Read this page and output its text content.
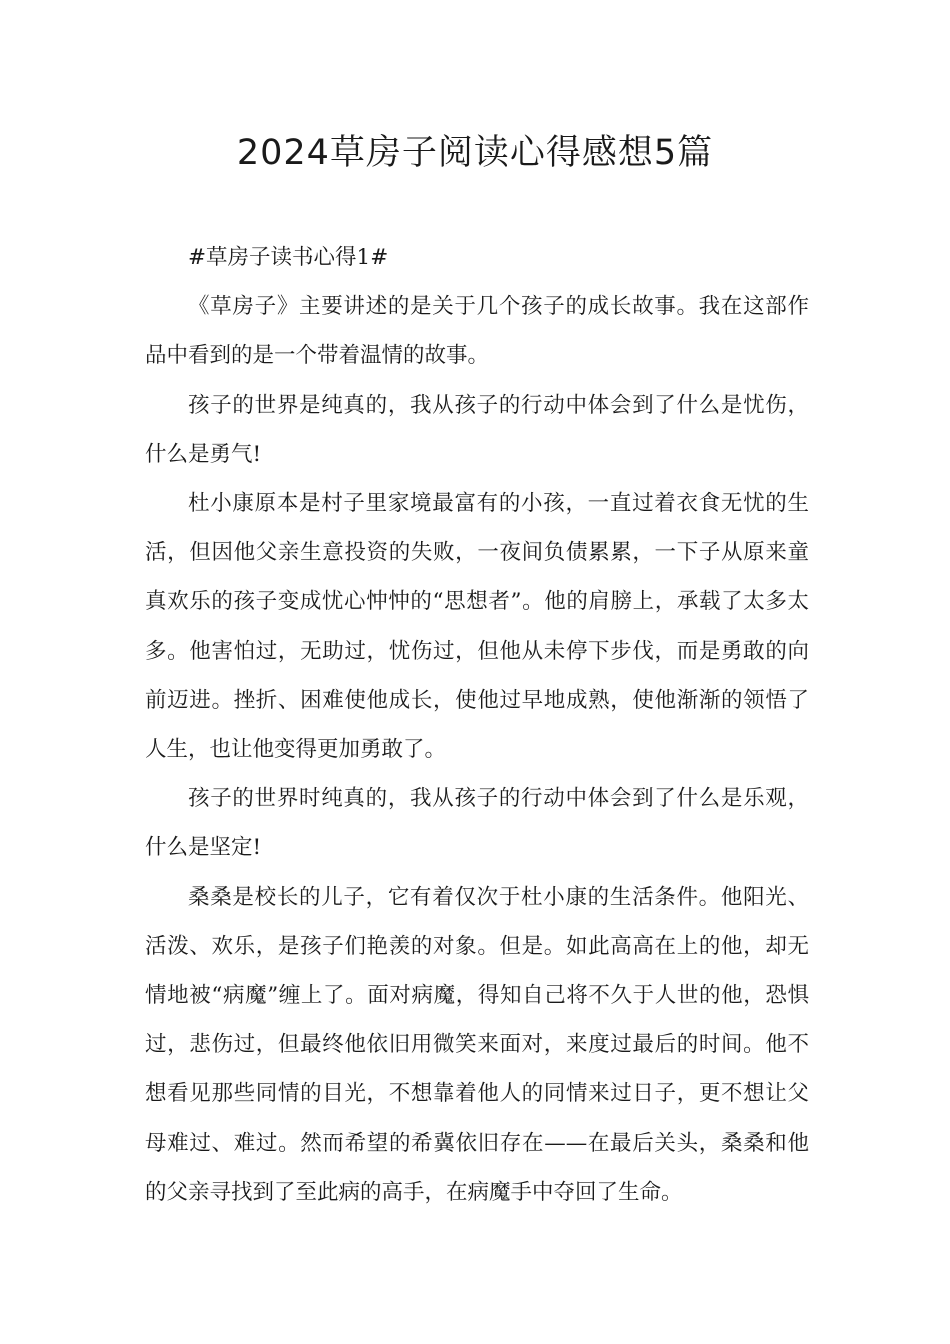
2024草房子阅读心得感想5篇

#草房子读书心得1#

《草房子》主要讲述的是关于几个孩子的成长故事。我在这部作品中看到的是一个带着温情的故事。

孩子的世界是纯真的，我从孩子的行动中体会到了什么是忧伤，什么是勇气!

杜小康原本是村子里家境最富有的小孩，一直过着衣食无忧的生活，但因他父亲生意投资的失败，一夜间负债累累，一下子从原来童真欢乐的孩子变成忧心忡忡的“思想者”。他的肩膀上，承载了太多太多。他害怕过，无助过，忧伤过，但他从未停下步伐，而是勇敢的向前迈进。挫折、困难使他成长，使他过早地成熟，使他渐渐的领悟了人生，也让他变得更加勇敢了。

孩子的世界时纯真的，我从孩子的行动中体会到了什么是乐观，什么是坚定!

桑桑是校长的儿子，它有着仅次于杜小康的生活条件。他阳光、活泼、欢乐，是孩子们艳羡的对象。但是。如此高高在上的他，却无情地被“病魔”缠上了。面对病魔，得知自己将不久于人世的他，恐惧过，悲伤过，但最终他依旧用微笑来面对，来度过最后的时间。他不想看见那些同情的目光，不想靠着他人的同情来过日子，更不想让父母难过、难过。然而希望的希冀依旧存在——在最后关头，桑桑和他的父亲寻找到了至此病的高手，在病魔手中夺回了生命。
